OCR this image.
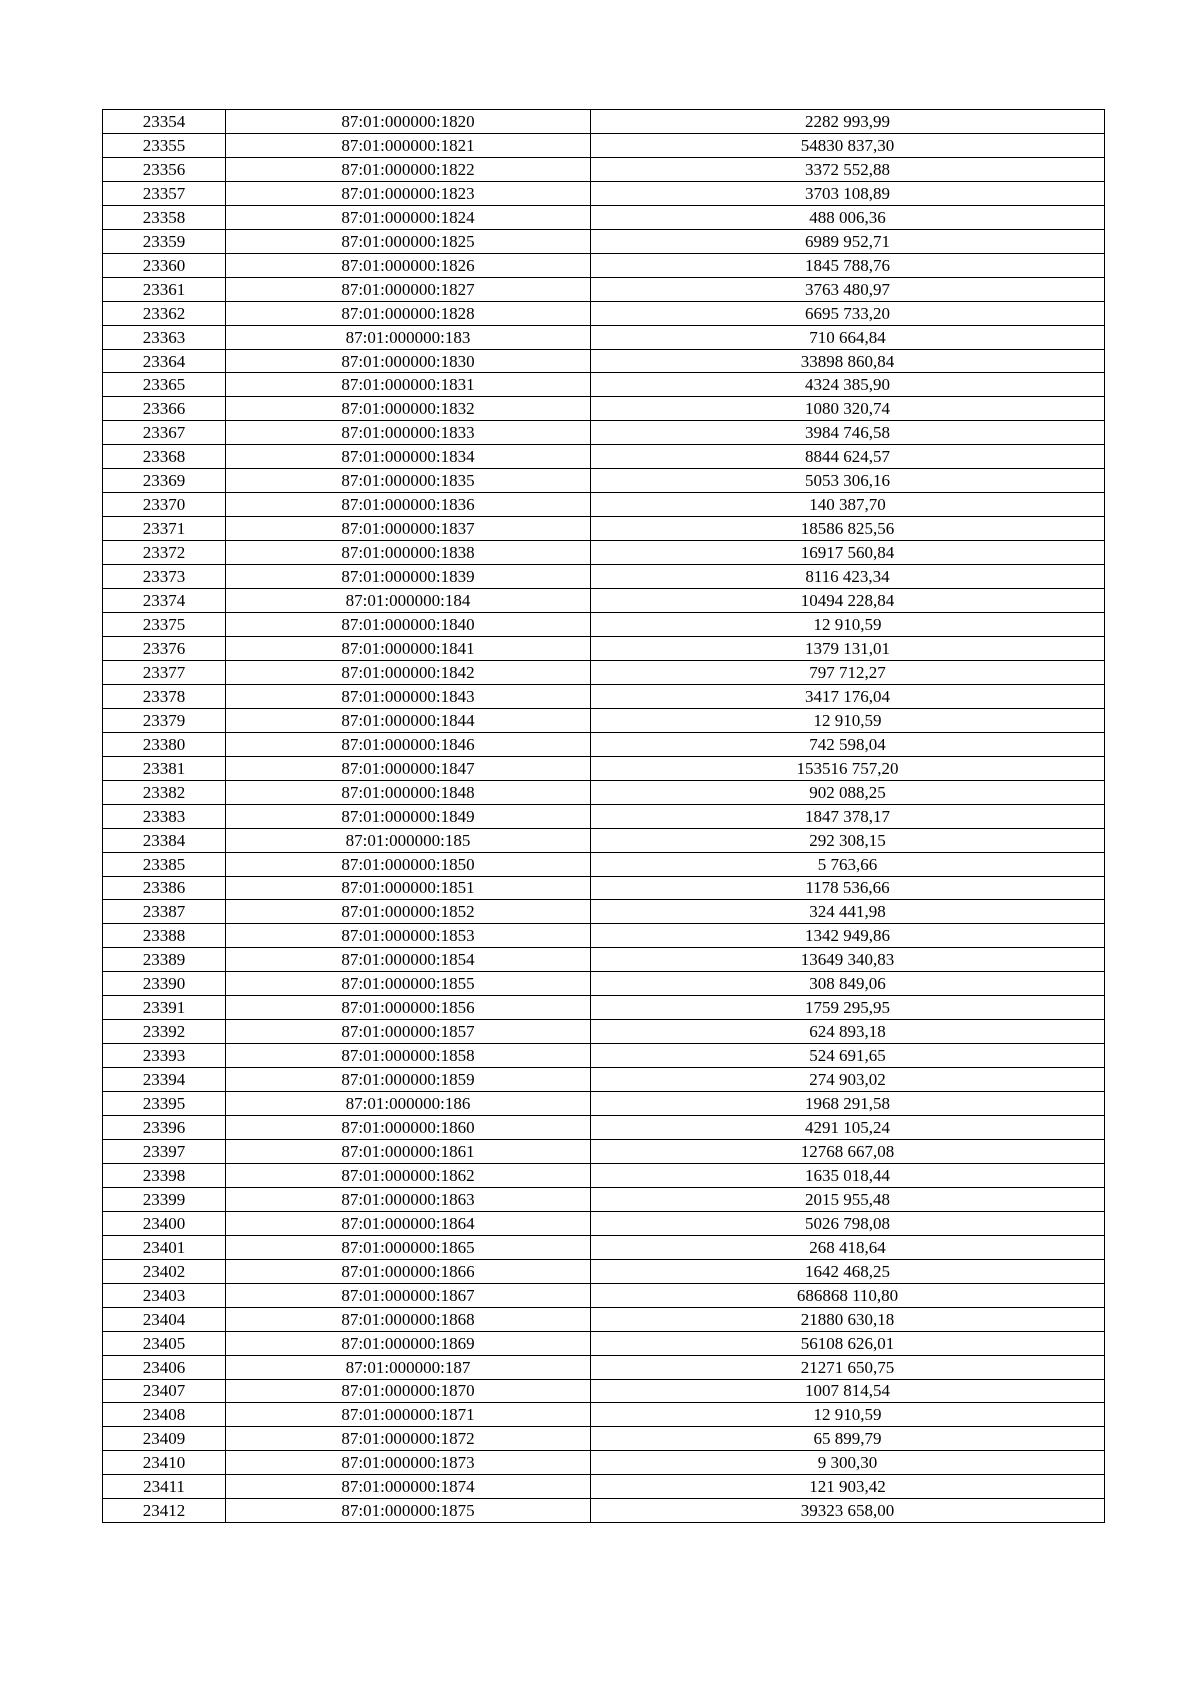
23354	87:01:000000:1820	2282 993,99
23355	87:01:000000:1821	54830 837,30
23356	87:01:000000:1822	3372 552,88
23357	87:01:000000:1823	3703 108,89
23358	87:01:000000:1824	488 006,36
23359	87:01:000000:1825	6989 952,71
23360	87:01:000000:1826	1845 788,76
23361	87:01:000000:1827	3763 480,97
23362	87:01:000000:1828	6695 733,20
23363	87:01:000000:183	710 664,84
23364	87:01:000000:1830	33898 860,84
23365	87:01:000000:1831	4324 385,90
23366	87:01:000000:1832	1080 320,74
23367	87:01:000000:1833	3984 746,58
23368	87:01:000000:1834	8844 624,57
23369	87:01:000000:1835	5053 306,16
23370	87:01:000000:1836	140 387,70
23371	87:01:000000:1837	18586 825,56
23372	87:01:000000:1838	16917 560,84
23373	87:01:000000:1839	8116 423,34
23374	87:01:000000:184	10494 228,84
23375	87:01:000000:1840	12 910,59
23376	87:01:000000:1841	1379 131,01
23377	87:01:000000:1842	797 712,27
23378	87:01:000000:1843	3417 176,04
23379	87:01:000000:1844	12 910,59
23380	87:01:000000:1846	742 598,04
23381	87:01:000000:1847	153516 757,20
23382	87:01:000000:1848	902 088,25
23383	87:01:000000:1849	1847 378,17
23384	87:01:000000:185	292 308,15
23385	87:01:000000:1850	5 763,66
23386	87:01:000000:1851	1178 536,66
23387	87:01:000000:1852	324 441,98
23388	87:01:000000:1853	1342 949,86
23389	87:01:000000:1854	13649 340,83
23390	87:01:000000:1855	308 849,06
23391	87:01:000000:1856	1759 295,95
23392	87:01:000000:1857	624 893,18
23393	87:01:000000:1858	524 691,65
23394	87:01:000000:1859	274 903,02
23395	87:01:000000:186	1968 291,58
23396	87:01:000000:1860	4291 105,24
23397	87:01:000000:1861	12768 667,08
23398	87:01:000000:1862	1635 018,44
23399	87:01:000000:1863	2015 955,48
23400	87:01:000000:1864	5026 798,08
23401	87:01:000000:1865	268 418,64
23402	87:01:000000:1866	1642 468,25
23403	87:01:000000:1867	686868 110,80
23404	87:01:000000:1868	21880 630,18
23405	87:01:000000:1869	56108 626,01
23406	87:01:000000:187	21271 650,75
23407	87:01:000000:1870	1007 814,54
23408	87:01:000000:1871	12 910,59
23409	87:01:000000:1872	65 899,79
23410	87:01:000000:1873	9 300,30
23411	87:01:000000:1874	121 903,42
23412	87:01:000000:1875	39323 658,00
